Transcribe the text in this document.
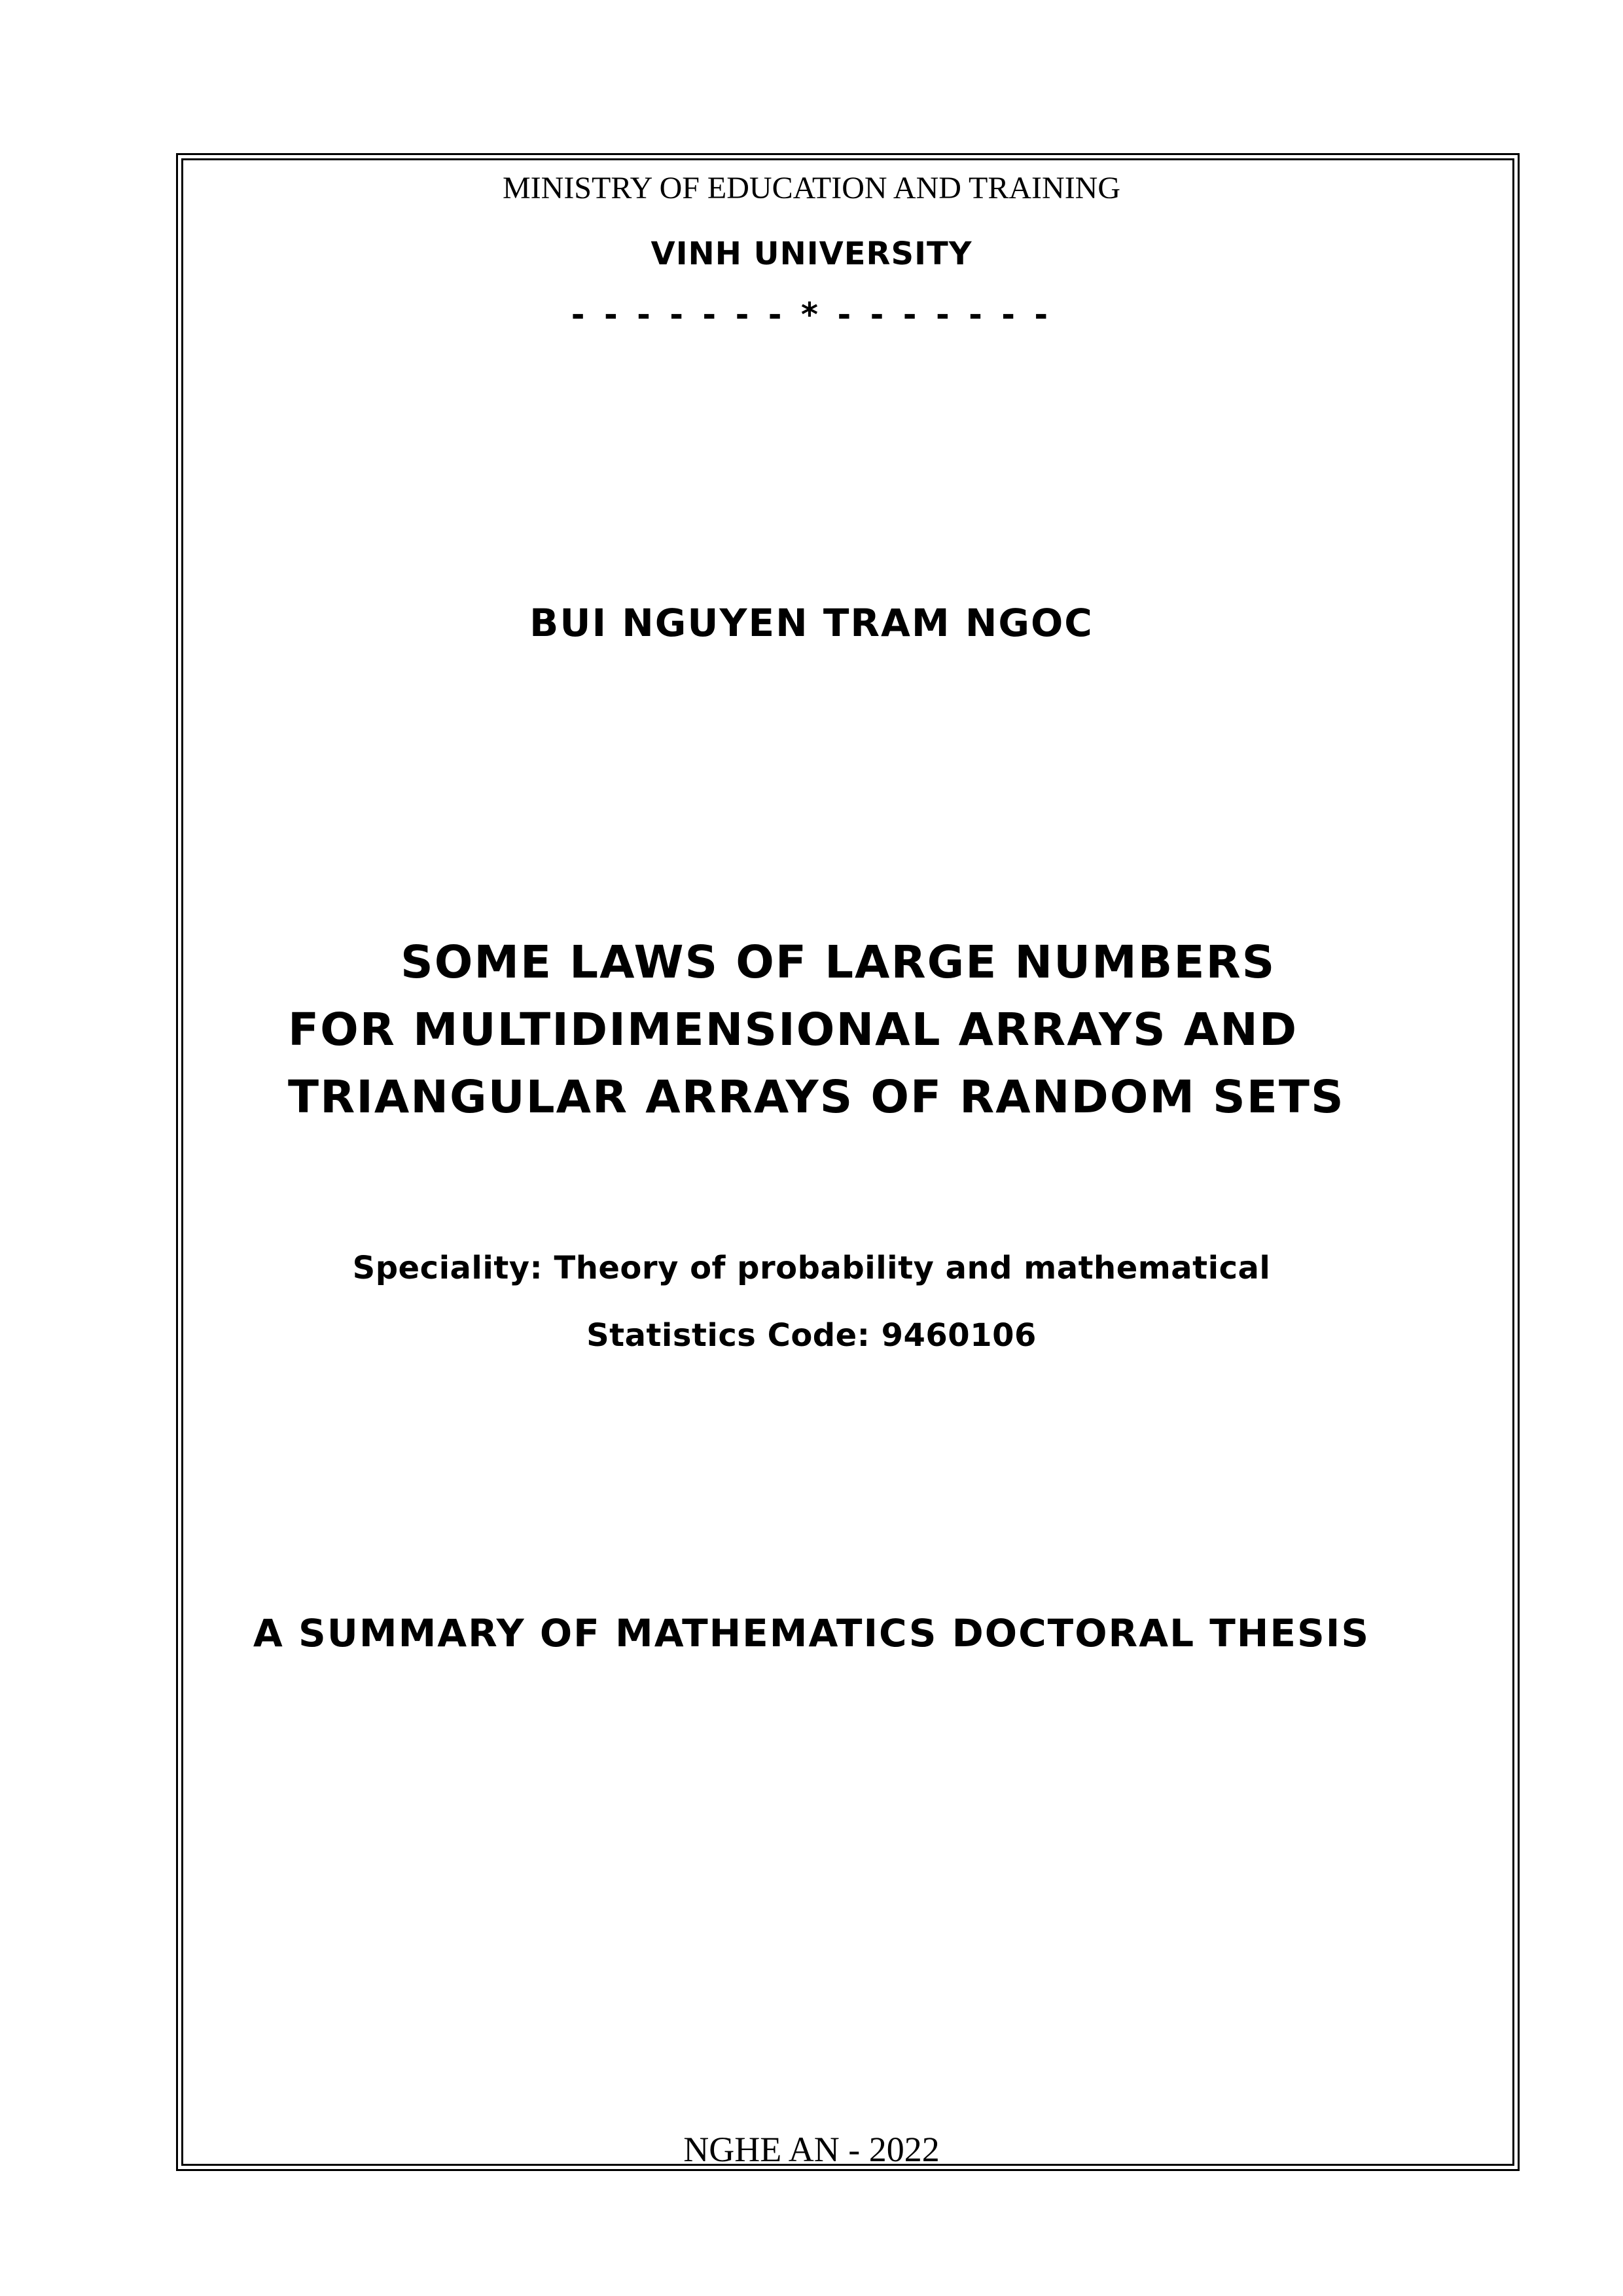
MINISTRY OF EDUCATION AND TRAINING

VINH UNIVERSITY

- - - - - - - * - - - - - - -

BUI NGUYEN TRAM NGOC

SOME LAWS OF LARGE NUMBERS
FOR MULTIDIMENSIONAL ARRAYS AND
TRIANGULAR ARRAYS OF RANDOM SETS

Speciality: Theory of probability and mathematical

Statistics Code: 9460106

A SUMMARY OF MATHEMATICS DOCTORAL THESIS

NGHE AN - 2022
